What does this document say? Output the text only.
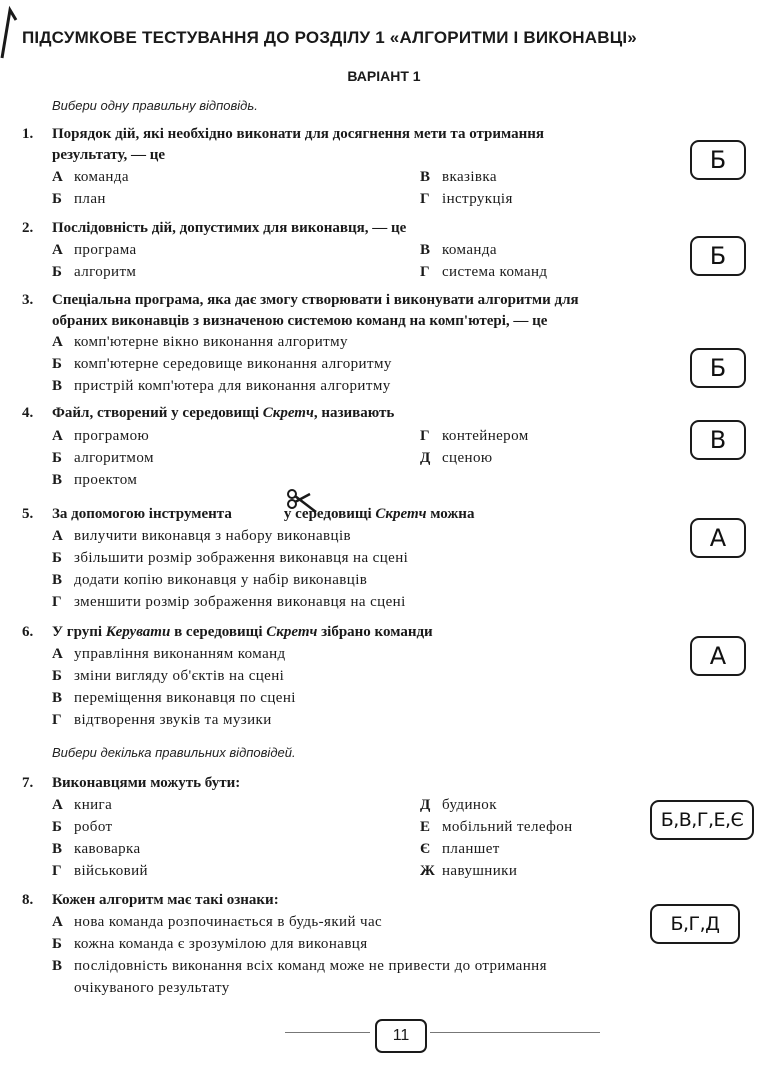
ПІДСУМКОВЕ ТЕСТУВАННЯ ДО РОЗДІЛУ 1 «АЛГОРИТМИ І ВИКОНАВЦІ»
ВАРІАНТ 1
Вибери одну правильну відповідь.
1. Порядок дій, які необхідно виконати для досягнення мети та отримання
результату, — це
А команда	В вказівка
Б план	Г інструкція
Б
2. Послідовність дій, допустимих для виконавця, — це
А програма	В команда
Б алгоритм	Г система команд
Б
3. Спеціальна програма, яка дає змогу створювати і виконувати алгоритми для
обраних виконавців з визначеною системою команд на комп'ютері, — це
А комп'ютерне вікно виконання алгоритму
Б комп'ютерне середовище виконання алгоритму
В пристрій комп'ютера для виконання алгоритму
Б
4. Файл, створений у середовищі Скретч, називають
А програмою	Г контейнером
Б алгоритмом	Д сценою
В проектом
В
5. За допомогою інструмента	у середовищі Скретч можна
А вилучити виконавця з набору виконавців
Б збільшити розмір зображення виконавця на сцені
В додати копію виконавця у набір виконавців
Г зменшити розмір зображення виконавця на сцені
А
6. У групі Керувати в середовищі Скретч зібрано команди
А управління виконанням команд
Б зміни вигляду об'єктів на сцені
В переміщення виконавця по сцені
Г відтворення звуків та музики
А
Вибери декілька правильних відповідей.
7. Виконавцями можуть бути:
А книга	Д будинок
Б робот	Е мобільний телефон
В кавоварка	Є планшет
Г військовий	Ж навушники
Б,В,Г,Е,Є
8. Кожен алгоритм має такі ознаки:
А нова команда розпочинається в будь-який час
Б кожна команда є зрозумілою для виконавця
В послідовність виконання всіх команд може не привести до отримання
очікуваного результату
Б,Г,Д
11
